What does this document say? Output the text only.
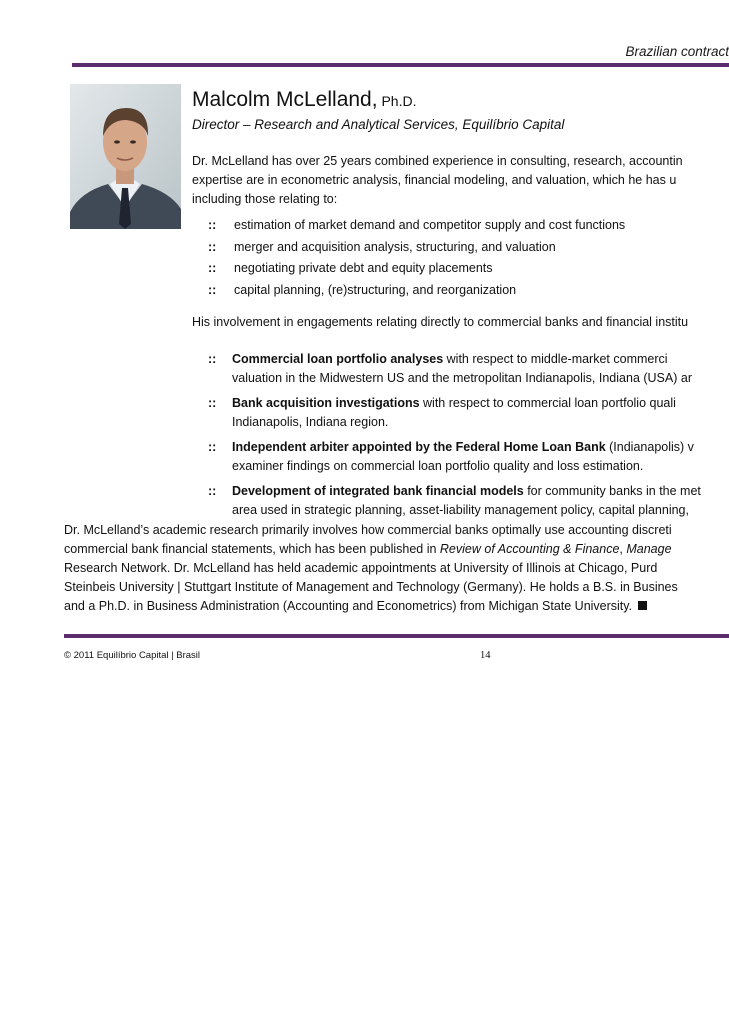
Brazilian contract
Malcolm McLelland, Ph.D.
Director – Research and Analytical Services, Equilíbrio Capital
Dr. McLelland has over 25 years combined experience in consulting, research, accountin
expertise are in econometric analysis, financial modeling, and valuation, which he has u
including those relating to:
:: estimation of market demand and competitor supply and cost functions
:: merger and acquisition analysis, structuring, and valuation
:: negotiating private debt and equity placements
:: capital planning, (re)structuring, and reorganization
His involvement in engagements relating directly to commercial banks and financial institu
::	Commercial loan portfolio analyses with respect to middle-market commerci
valuation in the Midwestern US and the metropolitan Indianapolis, Indiana (USA) ar
::	Bank acquisition investigations with respect to commercial loan portfolio quali
Indianapolis, Indiana region.
::	Independent arbiter appointed by the Federal Home Loan Bank (Indianapolis) v
examiner findings on commercial loan portfolio quality and loss estimation.
::	Development of integrated bank financial models for community banks in the met
area used in strategic planning, asset-liability management policy, capital planning,
Dr. McLelland’s academic research primarily involves how commercial banks optimally use accounting discreti
commercial bank financial statements, which has been published in Review of Accounting & Finance, Manage
Research Network. Dr. McLelland has held academic appointments at University of Illinois at Chicago, Purd
Steinbeis University | Stuttgart Institute of Management and Technology (Germany). He holds a B.S. in Busines
and a Ph.D. in Business Administration (Accounting and Econometrics) from Michigan State University.
© 2011 Equilíbrio Capital | Brasil	14
